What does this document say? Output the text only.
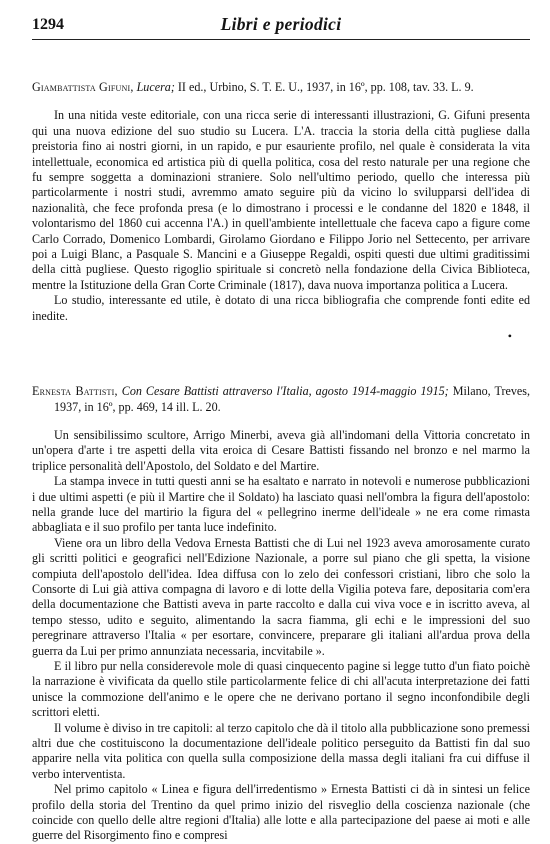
1294	Libri e periodici

Giambattista Gifuni, Lucera; II ed., Urbino, S. T. E. U., 1937, in 16º, pp. 108, tav. 33. L. 9.

In una nitida veste editoriale, con una ricca serie di interessanti illustrazioni, G. Gifuni presenta qui una nuova edizione del suo studio su Lucera. L'A. traccia la storia della città pugliese dalla preistoria fino ai nostri giorni, in un rapido, e pur esauriente profilo, nel quale è considerata la vita intellettuale, economica ed artistica più di quella politica, cosa del resto naturale per una regione che fu sempre soggetta a dominazioni straniere. Solo nell'ultimo periodo, quello che interessa più particolarmente i nostri studi, avremmo amato seguire più da vicino lo svilupparsi dell'idea di nazionalità, che fece profonda presa (e lo dimostrano i processi e le condanne del 1820 e 1848, il volontarismo del 1860 cui accenna l'A.) in quell'ambiente intellettuale che faceva capo a figure come Carlo Corrado, Domenico Lombardi, Girolamo Giordano e Filippo Jorio nel Settecento, per arrivare poi a Luigi Blanc, a Pasquale S. Mancini e a Giuseppe Regaldi, ospiti questi due ultimi graditissimi della città pugliese. Questo rigoglio spirituale si concretò nella fondazione della Civica Biblioteca, mentre la Istituzione della Gran Corte Criminale (1817), dava nuova importanza politica a Lucera.

Lo studio, interessante ed utile, è dotato di una ricca bibliografia che comprende fonti edite ed inedite.

•

Ernesta Battisti, Con Cesare Battisti attraverso l'Italia, agosto 1914-maggio 1915; Milano, Treves, 1937, in 16º, pp. 469, 14 ill. L. 20.

Un sensibilissimo scultore, Arrigo Minerbi, aveva già all'indomani della Vittoria concretato in un'opera d'arte i tre aspetti della vita eroica di Cesare Battisti fissando nel bronzo e nel marmo la triplice personalità dell'Apostolo, del Soldato e del Martire.

La stampa invece in tutti questi anni se ha esaltato e narrato in notevoli e numerose pubblicazioni i due ultimi aspetti (e più il Martire che il Soldato) ha lasciato quasi nell'ombra la figura dell'apostolo: nella grande luce del martirio la figura del « pellegrino inerme dell'ideale » ne era come rimasta abbagliata e il suo profilo per tanta luce indefinito.

Viene ora un libro della Vedova Ernesta Battisti che di Lui nel 1923 aveva amorosamente curato gli scritti politici e geografici nell'Edizione Nazionale, a porre sul piano che gli spetta, la visione compiuta dell'apostolo dell'idea. Idea diffusa con lo zelo dei confessori cristiani, libro che solo la Consorte di Lui già attiva compagna di lavoro e di lotte della Vigilia poteva fare, depositaria com'era della documentazione che Battisti aveva in parte raccolto e dalla cui viva voce e in iscritto aveva, al tempo stesso, udito e seguito, alimentando la sacra fiamma, gli echi e le impressioni del suo peregrinare attraverso l'Italia « per esortare, convincere, preparare gli italiani all'ardua prova della guerra da Lui per primo annunziata necessaria, incvitabile ».

E il libro pur nella considerevole mole di quasi cinquecento pagine si legge tutto d'un fiato poichè la narrazione è vivificata da quello stile particolarmente felice di chi all'acuta interpretazione dei fatti unisce la commozione dell'animo e le opere che ne derivano portano il segno inconfondibile degli scrittori eletti.

Il volume è diviso in tre capitoli: al terzo capitolo che dà il titolo alla pubblicazione sono premessi altri due che costituiscono la documentazione dell'ideale politico perseguito da Battisti fin dal suo apparire nella vita politica con quella sulla composizione della massa degli italiani fra cui diffuse il verbo interventista.

Nel primo capitolo « Linea e figura dell'irredentismo » Ernesta Battisti ci dà in sintesi un felice profilo della storia del Trentino da quel primo inizio del risveglio della coscienza nazionale (che coincide con quello delle altre regioni d'Italia) alle lotte e alla partecipazione del paese ai moti e alle guerre del Risorgimento fino e compresi
